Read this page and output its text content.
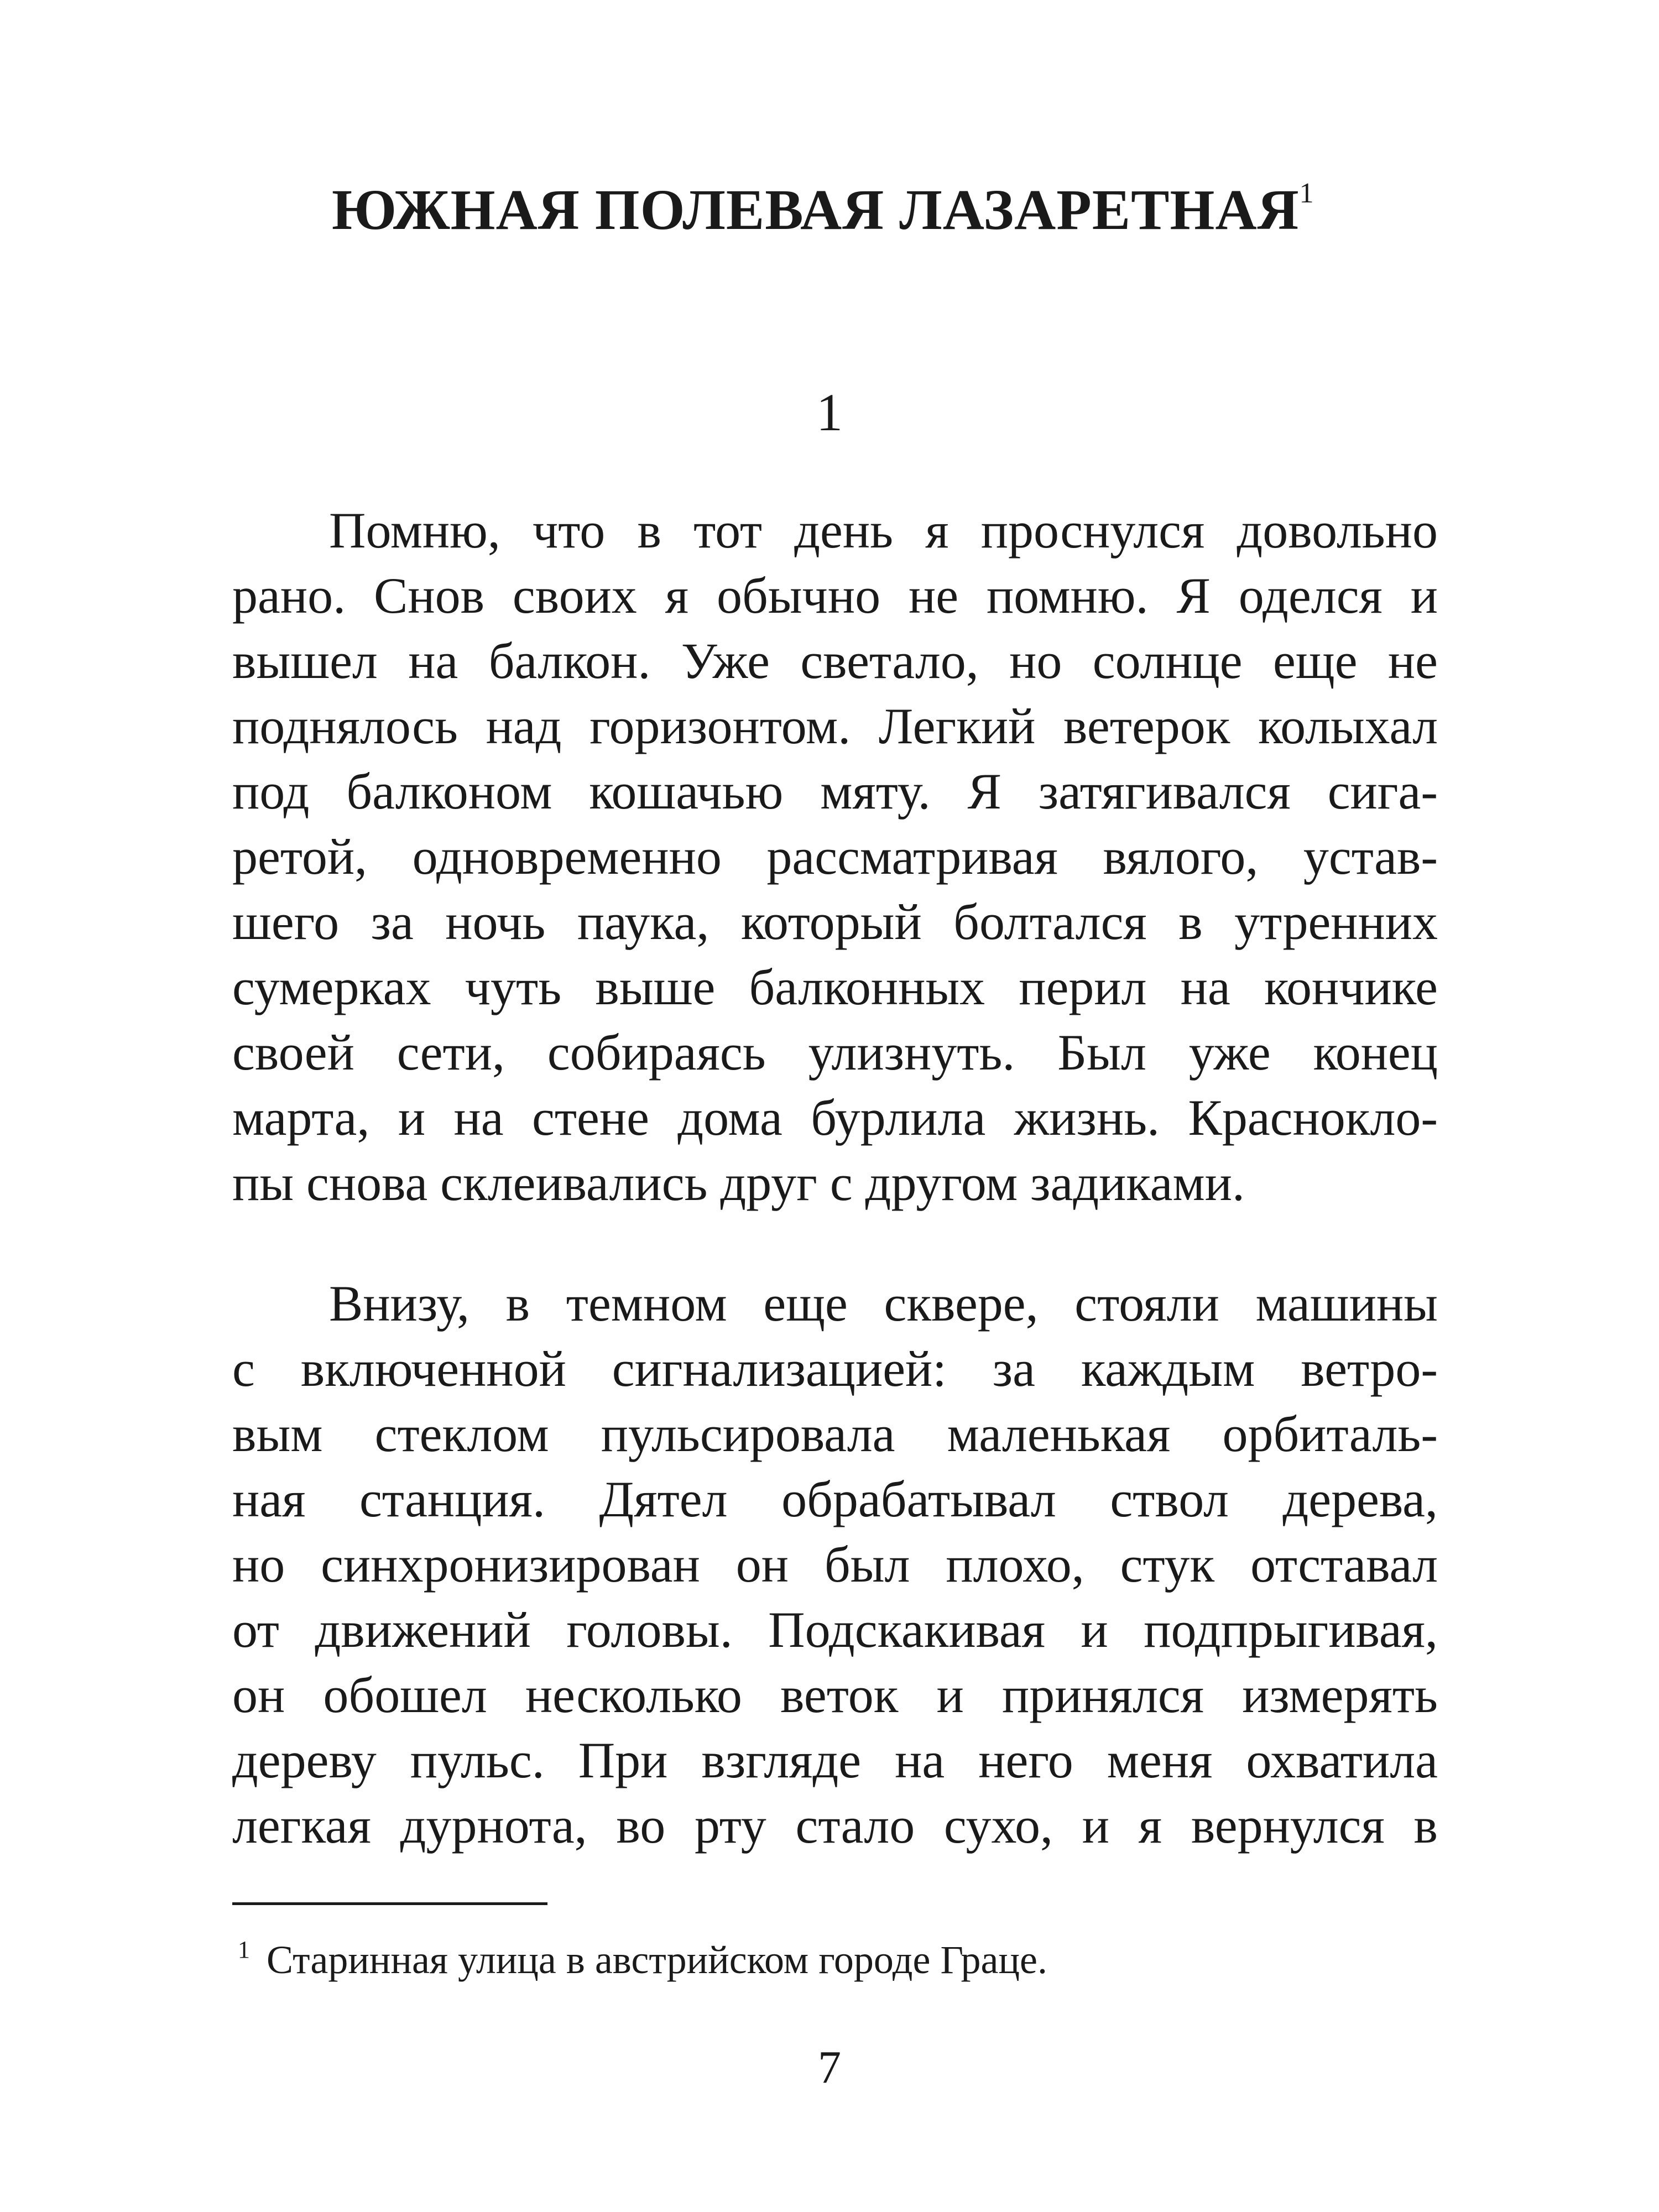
ЮЖНАЯ ПОЛЕВАЯ ЛАЗАРЕТНАЯ$^1$
1
Помню, что в тот день я проснулся довольно
рано. Снов своих я обычно не помню. Я оделся и
вышел на балкон. Уже светало, но солнце еще не
поднялось над горизонтом. Легкий ветерок колыхал
под балконом кошачью мяту. Я затягивался сига-
ретой, одновременно рассматривая вялого, устав-
шего за ночь паука, который болтался в утренних
сумерках чуть выше балконных перил на кончике
своей сети, собираясь улизнуть. Был уже конец
марта, и на стене дома бурлила жизнь. Красноклo-
пы снова склеивались друг с другом задиками.
Внизу, в темном еще сквере, стояли машины
с включенной сигнализацией: за каждым ветро-
вым стеклом пульсировала маленькая орбиталь-
ная станция. Дятел обрабатывал ствол дерева,
но синхронизирован он был плохо, стук отставал
от движений головы. Подскакивая и подпрыгивая,
он обошел несколько веток и принялся измерять
дереву пульс. При взгляде на него меня охватила
легкая дурнота, во рту стало сухо, и я вернулся в
$^1$ Старинная улица в австрийском городе Граце.
7
